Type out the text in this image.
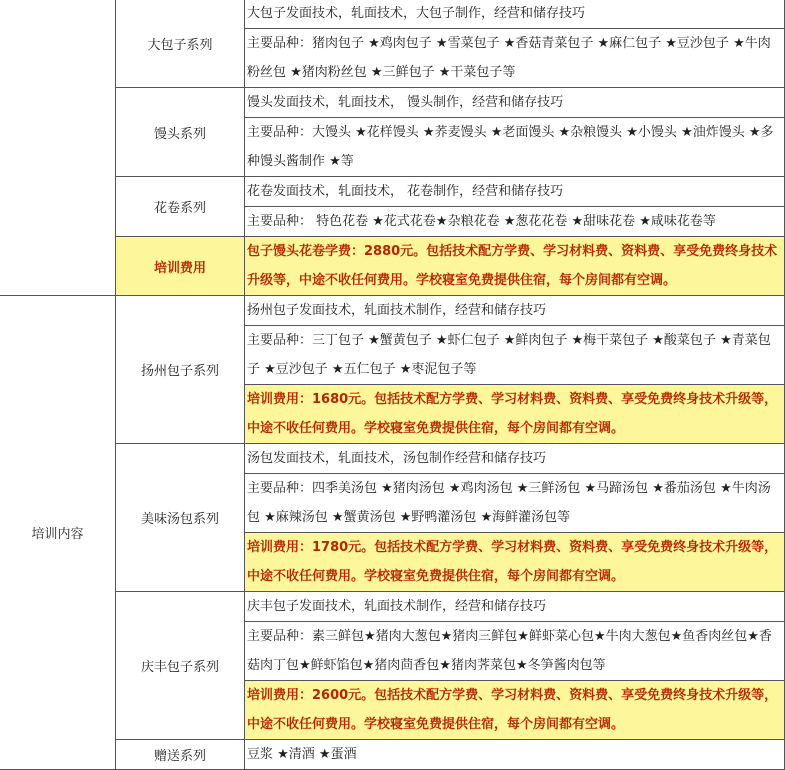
	大包子系列	大包子发面技术，轧面技术，大包子制作，经营和储存技巧
		主要品种：猪肉包子 ★鸡肉包子 ★雪菜包子 ★香菇青菜包子 ★麻仁包子 ★豆沙包子 ★牛肉粉丝包 ★猪肉粉丝包 ★三鲜包子 ★干菜包子等
	馒头系列	馒头发面技术，轧面技术， 馒头制作，经营和储存技巧
		主要品种：大馒头 ★花样馒头 ★荞麦馒头 ★老面馒头 ★杂粮馒头 ★小馒头 ★油炸馒头 ★多种馒头酱制作 ★等
	花卷系列	花卷发面技术，轧面技术， 花卷制作，经营和储存技巧
		主要品种： 特色花卷 ★花式花卷★杂粮花卷 ★葱花花卷 ★甜味花卷 ★咸味花卷等
	培训费用	包子馒头花卷学费：2880元。包括技术配方学费、学习材料费、资料费、享受免费终身技术升级等，中途不收任何费用。学校寝室免费提供住宿，每个房间都有空调。
培训内容	扬州包子系列	扬州包子发面技术，轧面技术制作，经营和储存技巧
		主要品种：三丁包子 ★蟹黄包子 ★虾仁包子 ★鲜肉包子 ★梅干菜包子 ★酸菜包子 ★青菜包子 ★豆沙包子 ★五仁包子 ★枣泥包子等
		培训费用：1680元。包括技术配方学费、学习材料费、资料费、享受免费终身技术升级等，中途不收任何费用。学校寝室免费提供住宿，每个房间都有空调。
	美味汤包系列	汤包发面技术，轧面技术，汤包制作经营和储存技巧
		主要品种：四季美汤包 ★猪肉汤包 ★鸡肉汤包 ★三鲜汤包 ★马蹄汤包 ★番茄汤包 ★牛肉汤包 ★麻辣汤包 ★蟹黄汤包 ★野鸭灌汤包 ★海鲜灌汤包等
		培训费用：1780元。包括技术配方学费、学习材料费、资料费、享受免费终身技术升级等，中途不收任何费用。学校寝室免费提供住宿，每个房间都有空调。
	庆丰包子系列	庆丰包子发面技术，轧面技术制作，经营和储存技巧
		主要品种：素三鲜包★猪肉大葱包★猪肉三鲜包★鲜虾菜心包★牛肉大葱包★鱼香肉丝包★香菇肉丁包★鲜虾馅包★猪肉茴香包★猪肉荠菜包★冬笋酱肉包等
		培训费用：2600元。包括技术配方学费、学习材料费、资料费、享受免费终身技术升级等，中途不收任何费用。学校寝室免费提供住宿，每个房间都有空调。
	赠送系列	豆浆 ★清酒 ★蛋酒
